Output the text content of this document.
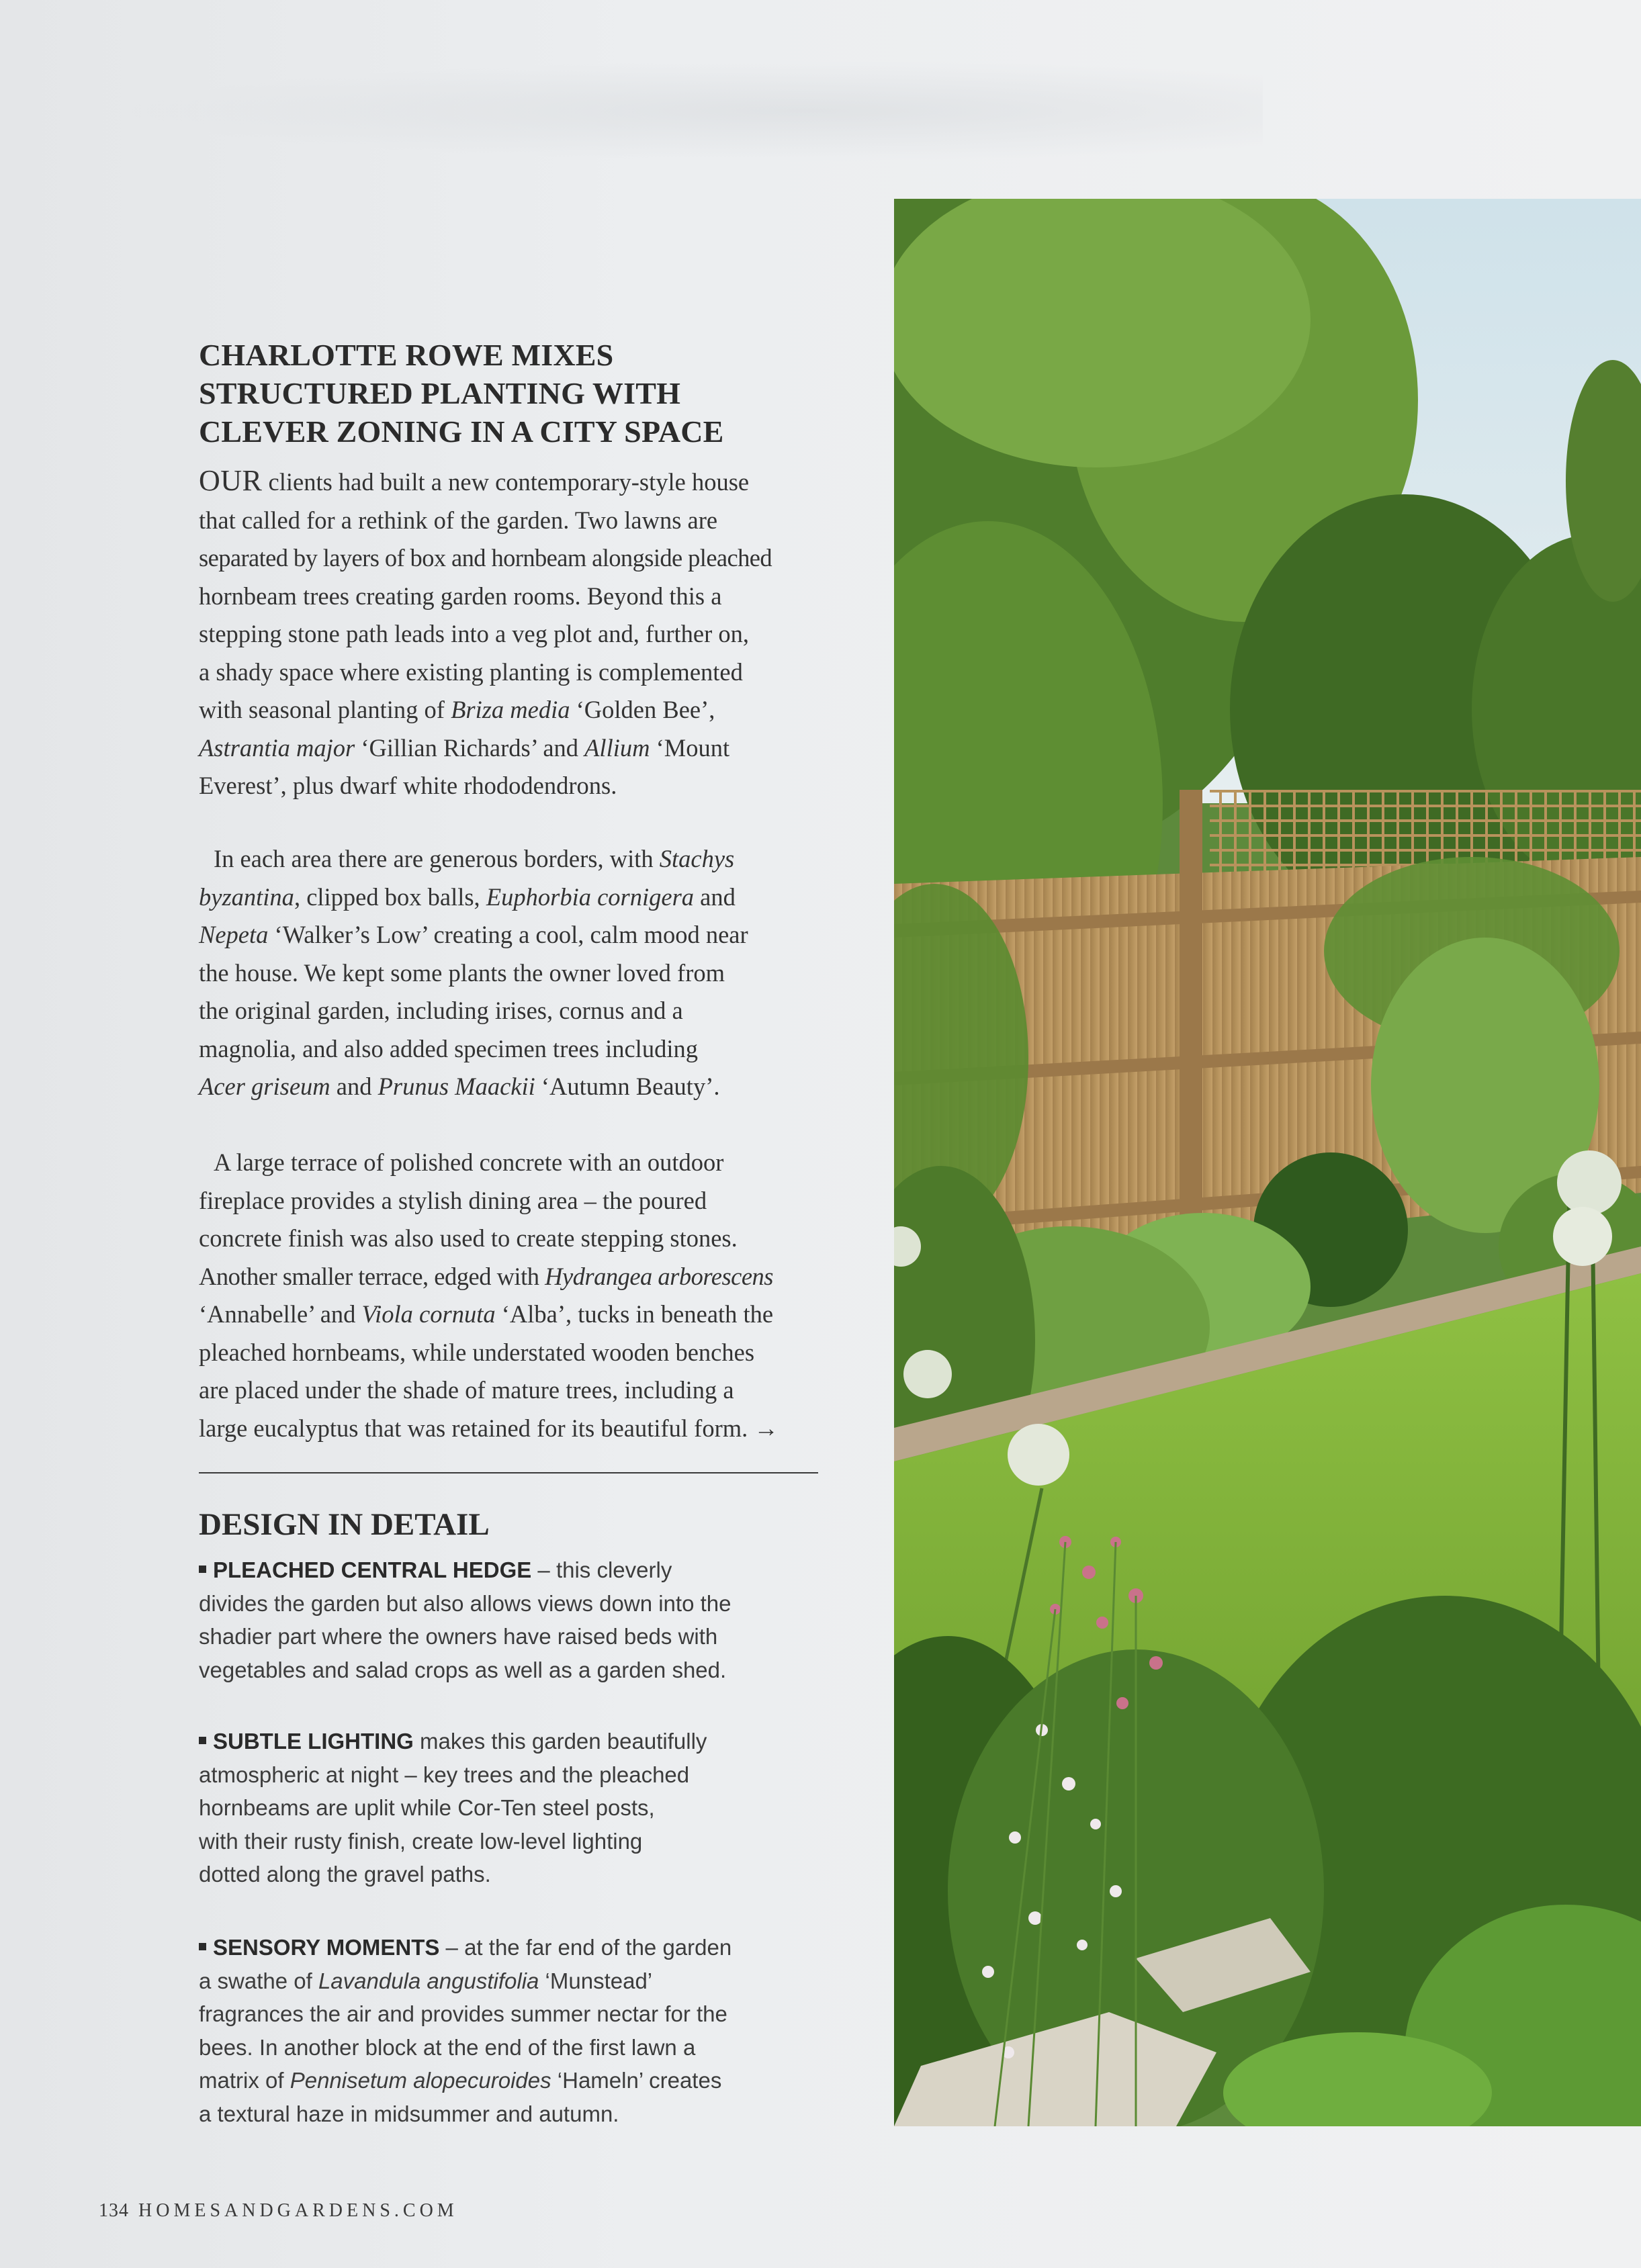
CHARLOTTE ROWE MIXES
STRUCTURED PLANTING WITH
CLEVER ZONING IN A CITY SPACE
OUR clients had built a new contemporary-style house
that called for a rethink of the garden. Two lawns are
separated by layers of box and hornbeam alongside pleached
hornbeam trees creating garden rooms. Beyond this a
stepping stone path leads into a veg plot and, further on,
a shady space where existing planting is complemented
with seasonal planting of Briza media ‘Golden Bee’,
Astrantia major ‘Gillian Richards’ and Allium ‘Mount
Everest’, plus dwarf white rhododendrons.
In each area there are generous borders, with Stachys
byzantina, clipped box balls, Euphorbia cornigera and
Nepeta ‘Walker’s Low’ creating a cool, calm mood near
the house. We kept some plants the owner loved from
the original garden, including irises, cornus and a
magnolia, and also added specimen trees including
Acer griseum and Prunus Maackii ‘Autumn Beauty’.
A large terrace of polished concrete with an outdoor
fireplace provides a stylish dining area – the poured
concrete finish was also used to create stepping stones.
Another smaller terrace, edged with Hydrangea arborescens
‘Annabelle’ and Viola cornuta ‘Alba’, tucks in beneath the
pleached hornbeams, while understated wooden benches
are placed under the shade of mature trees, including a
large eucalyptus that was retained for its beautiful form. →
DESIGN IN DETAIL
PLEACHED CENTRAL HEDGE – this cleverly
divides the garden but also allows views down into the
shadier part where the owners have raised beds with
vegetables and salad crops as well as a garden shed.
SUBTLE LIGHTING makes this garden beautifully
atmospheric at night – key trees and the pleached
hornbeams are uplit while Cor-Ten steel posts,
with their rusty finish, create low-level lighting
dotted along the gravel paths.
SENSORY MOMENTS – at the far end of the garden
a swathe of Lavandula angustifolia ‘Munstead’
fragrances the air and provides summer nectar for the
bees. In another block at the end of the first lawn a
matrix of Pennisetum alopecuroides ‘Hameln’ creates
a textural haze in midsummer and autumn.
134 HOMESANDGARDENS.COM
